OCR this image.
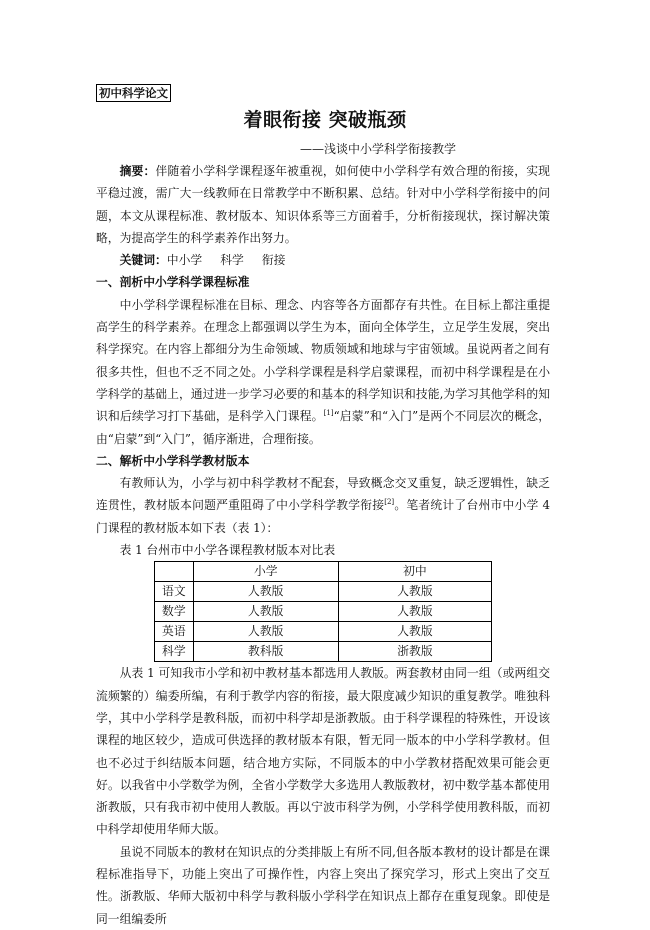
初中科学论文
着眼衔接 突破瓶颈
——浅谈中小学科学衔接教学

摘要：伴随着小学科学课程逐年被重视，如何使中小学科学有效合理的衔接，实现平稳过渡，需广大一线教师在日常教学中不断积累、总结。针对中小学科学衔接中的问题，本文从课程标准、教材版本、知识体系等三方面着手，分析衔接现状，探讨解决策略，为提高学生的科学素养作出努力。

关键词：中小学 科学 衔接

一、剖析中小学科学课程标准

中小学科学课程标准在目标、理念、内容等各方面都存有共性。在目标上都注重提高学生的科学素养。在理念上都强调以学生为本，面向全体学生，立足学生发展，突出科学探究。在内容上都细分为生命领域、物质领域和地球与宇宙领域。虽说两者之间有很多共性，但也不乏不同之处。小学科学课程是科学启蒙课程，而初中科学课程是在小学科学的基础上，通过进一步学习必要的和基本的科学知识和技能,为学习其他学科的知识和后续学习打下基础，是科学入门课程。[1]“启蒙”和“入门”是两个不同层次的概念，由“启蒙”到“入门”，循序渐进，合理衔接。

二、解析中小学科学教材版本

有教师认为，小学与初中科学教材不配套，导致概念交叉重复，缺乏逻辑性，缺乏连贯性，教材版本问题严重阻碍了中小学科学教学衔接[2]。笔者统计了台州市中小学 4 门课程的教材版本如下表（表 1）：

表 1 台州市中小学各课程教材版本对比表

	小学	初中
语文	人教版	人教版
数学	人教版	人教版
英语	人教版	人教版
科学	教科版	浙教版

从表 1 可知我市小学和初中教材基本都选用人教版。两套教材由同一组（或两组交流频繁的）编委所编，有利于教学内容的衔接，最大限度减少知识的重复教学。唯独科学，其中小学科学是教科版，而初中科学却是浙教版。由于科学课程的特殊性，开设该课程的地区较少，造成可供选择的教材版本有限，暂无同一版本的中小学科学教材。但也不必过于纠结版本问题，结合地方实际，不同版本的中小学教材搭配效果可能会更好。以我省中小学数学为例，全省小学数学大多选用人教版教材，初中数学基本都使用浙教版，只有我市初中使用人教版。再以宁波市科学为例，小学科学使用教科版，而初中科学却使用华师大版。

虽说不同版本的教材在知识点的分类排版上有所不同,但各版本教材的设计都是在课程标准指导下，功能上突出了可操作性，内容上突出了探究学习，形式上突出了交互性。浙教版、华师大版初中科学与教科版小学科学在知识点上都存在重复现象。即使是同一组编委所
